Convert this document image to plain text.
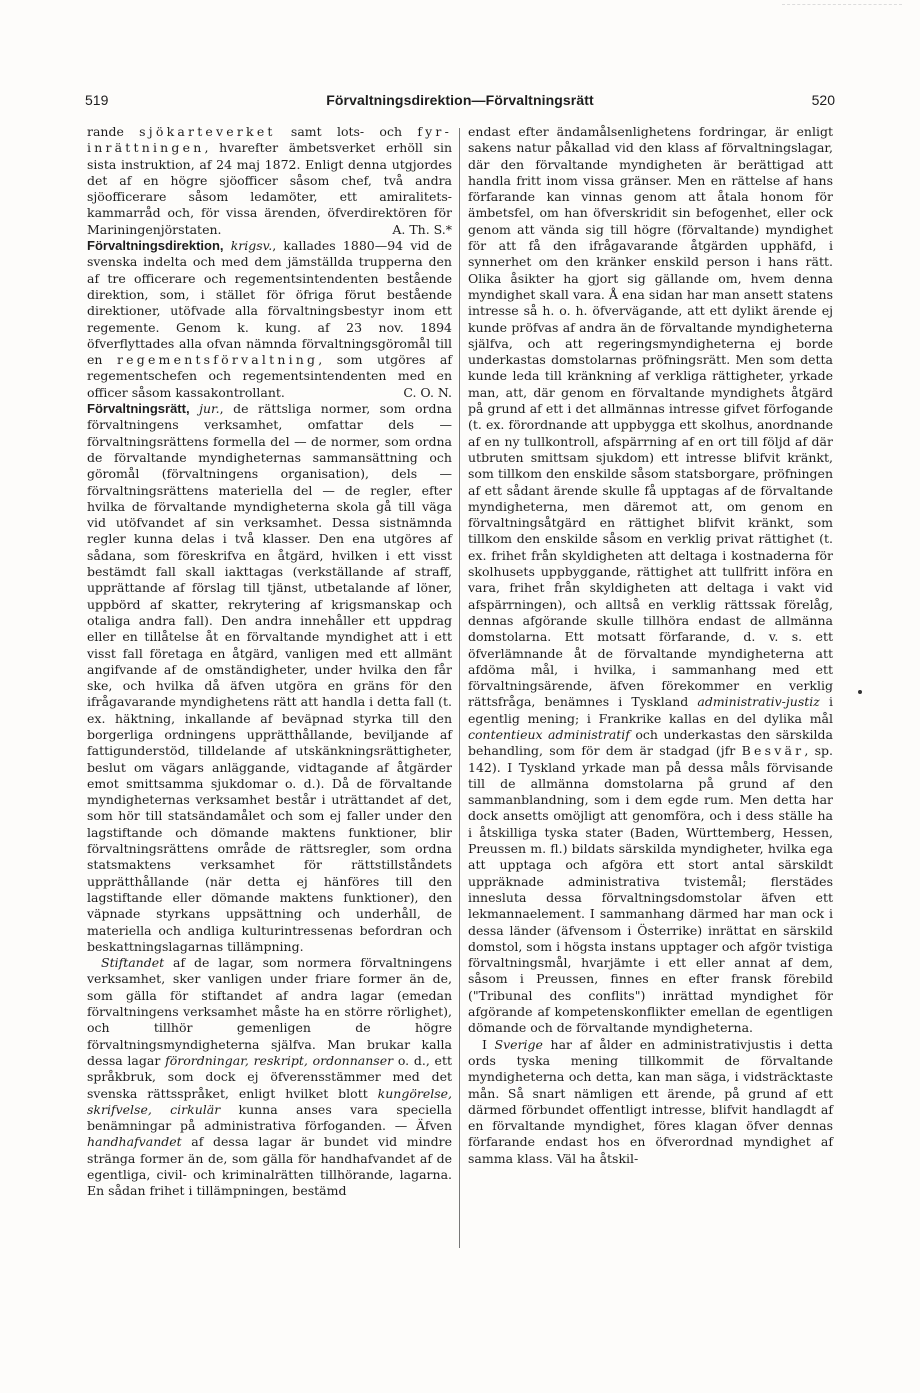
519	Förvaltningsdirektion—Förvaltningsrätt	520

rande sjökarteverket samt lots- och fyr-inrättningen, hvarefter ämbetsverket erhöll sin sista instruktion, af 24 maj 1872. Enligt denna utgjordes det af en högre sjöofficer såsom chef, två andra sjöofficerare såsom ledamöter, ett amiralitets-kammarråd och, för vissa ärenden, öfverdirektören för Mariningenjörstaten.	A. Th. S.*

Förvaltningsdirektion, krigsv., kallades 1880—94 vid de svenska indelta och med dem jämställda trupperna den af tre officerare och regementsintendenten bestående direktion, som, i stället för öfriga förut bestående direktioner, utöfvade alla förvaltningsbestyr inom ett regemente. Genom k. kung. af 23 nov. 1894 öfverflyttades alla ofvan nämnda förvaltningsgöromål till en regementsförvaltning, som utgöres af regementschefen och regementsintendenten med en officer såsom kassakontrollant.	C. O. N.

Förvaltningsrätt, jur., de rättsliga normer, som ordna förvaltningens verksamhet, omfattar dels — förvaltningsrättens formella del — de normer, som ordna de förvaltande myndigheternas sammansättning och göromål (förvaltningens organisation), dels — förvaltningsrättens materiella del — de regler, efter hvilka de förvaltande myndigheterna skola gå till väga vid utöfvandet af sin verksamhet. Dessa sistnämnda regler kunna delas i två klasser. Den ena utgöres af sådana, som föreskrifva en åtgärd, hvilken i ett visst bestämdt fall skall iakttagas (verkställande af straff, upprättande af förslag till tjänst, utbetalande af löner, uppbörd af skatter, rekrytering af krigsmanskap och otaliga andra fall). Den andra innehåller ett uppdrag eller en tillåtelse åt en förvaltande myndighet att i ett visst fall företaga en åtgärd, vanligen med ett allmänt angifvande af de omständigheter, under hvilka den får ske, och hvilka då äfven utgöra en gräns för den ifrågavarande myndighetens rätt att handla i detta fall (t. ex. häktning, inkallande af beväpnad styrka till den borgerliga ordningens upprätthållande, beviljande af fattigunderstöd, tilldelande af utskänkningsrättigheter, beslut om vägars anläggande, vidtagande af åtgärder emot smittsamma sjukdomar o. d.). Då de förvaltande myndigheternas verksamhet består i uträttandet af det, som hör till statsändamålet och som ej faller under den lagstiftande och dömande maktens funktioner, blir förvaltningsrättens område de rättsregler, som ordna statsmaktens verksamhet för rättstillståndets upprätthållande (när detta ej hänföres till den lagstiftande eller dömande maktens funktioner), den väpnade styrkans uppsättning och underhåll, de materiella och andliga kulturintressenas befordran och beskattningslagarnas tillämpning.

Stiftandet af de lagar, som normera förvaltningens verksamhet, sker vanligen under friare former än de, som gälla för stiftandet af andra lagar (emedan förvaltningens verksamhet måste ha en större rörlighet), och tillhör gemenligen de högre förvaltningsmyndigheterna själfva. Man brukar kalla dessa lagar förordningar, reskript, ordonnanser o. d., ett språkbruk, som dock ej öfverensstämmer med det svenska rättsspråket, enligt hvilket blott kungörelse, skrifvelse, cirkulär kunna anses vara speciella benämningar på administrativa förfoganden. — Äfven handhafvandet af dessa lagar är bundet vid mindre stränga former än de, som gälla för handhafvandet af de egentliga, civil- och kriminalrätten tillhörande, lagarna. En sådan frihet i tillämpningen, bestämd

endast efter ändamålsenlighetens fordringar, är enligt sakens natur påkallad vid den klass af förvaltningslagar, där den förvaltande myndigheten är berättigad att handla fritt inom vissa gränser. Men en rättelse af hans förfarande kan vinnas genom att åtala honom för ämbetsfel, om han öfverskridit sin befogenhet, eller ock genom att vända sig till högre (förvaltande) myndighet för att få den ifrågavarande åtgärden upphäfd, i synnerhet om den kränker enskild person i hans rätt. Olika åsikter ha gjort sig gällande om, hvem denna myndighet skall vara. Å ena sidan har man ansett statens intresse så h. o. h. öfvervägande, att ett dylikt ärende ej kunde pröfvas af andra än de förvaltande myndigheterna själfva, och att regeringsmyndigheterna ej borde underkastas domstolarnas pröfningsrätt. Men som detta kunde leda till kränkning af verkliga rättigheter, yrkade man, att, där genom en förvaltande myndighets åtgärd på grund af ett i det allmännas intresse gifvet förfogande (t. ex. förordnande att uppbygga ett skolhus, anordnande af en ny tullkontroll, afspärrning af en ort till följd af där utbruten smittsam sjukdom) ett intresse blifvit kränkt, som tillkom den enskilde såsom statsborgare, pröfningen af ett sådant ärende skulle få upptagas af de förvaltande myndigheterna, men däremot att, om genom en förvaltningsåtgärd en rättighet blifvit kränkt, som tillkom den enskilde såsom en verklig privat rättighet (t. ex. frihet från skyldigheten att deltaga i kostnaderna för skolhusets uppbyggande, rättighet att tullfritt införa en vara, frihet från skyldigheten att deltaga i vakt vid afspärrningen), och alltså en verklig rättssak förelåg, dennas afgörande skulle tillhöra endast de allmänna domstolarna. Ett motsatt förfarande, d. v. s. ett öfverlämnande åt de förvaltande myndigheterna att afdöma mål, i hvilka, i sammanhang med ett förvaltningsärende, äfven förekommer en verklig rättsfråga, benämnes i Tyskland administrativ-justiz i egentlig mening; i Frankrike kallas en del dylika mål contentieux administratif och underkastas den särskilda behandling, som för dem är stadgad (jfr Besvär, sp. 142). I Tyskland yrkade man på dessa måls förvisande till de allmänna domstolarna på grund af den sammanblandning, som i dem egde rum. Men detta har dock ansetts omöjligt att genomföra, och i dess ställe ha i åtskilliga tyska stater (Baden, Württemberg, Hessen, Preussen m. fl.) bildats särskilda myndigheter, hvilka ega att upptaga och afgöra ett stort antal särskildt uppräknade administrativa tvistemål; flerstädes innesluta dessa förvaltningsdomstolar äfven ett lekmannaelement. I sammanhang därmed har man ock i dessa länder (äfvensom i Österrike) inrättat en särskild domstol, som i högsta instans upptager och afgör tvistiga förvaltningsmål, hvarjämte i ett eller annat af dem, såsom i Preussen, finnes en efter fransk förebild ("Tribunal des conflits") inrättad myndighet för afgörande af kompetenskonflikter emellan de egentligen dömande och de förvaltande myndigheterna.

I Sverige har af ålder en administrativjustis i detta ords tyska mening tillkommit de förvaltande myndigheterna och detta, kan man säga, i vidsträcktaste mån. Så snart nämligen ett ärende, på grund af ett därmed förbundet offentligt intresse, blifvit handlagdt af en förvaltande myndighet, föres klagan öfver dennas förfarande endast hos en öfverordnad myndighet af samma klass. Väl ha åtskil-
